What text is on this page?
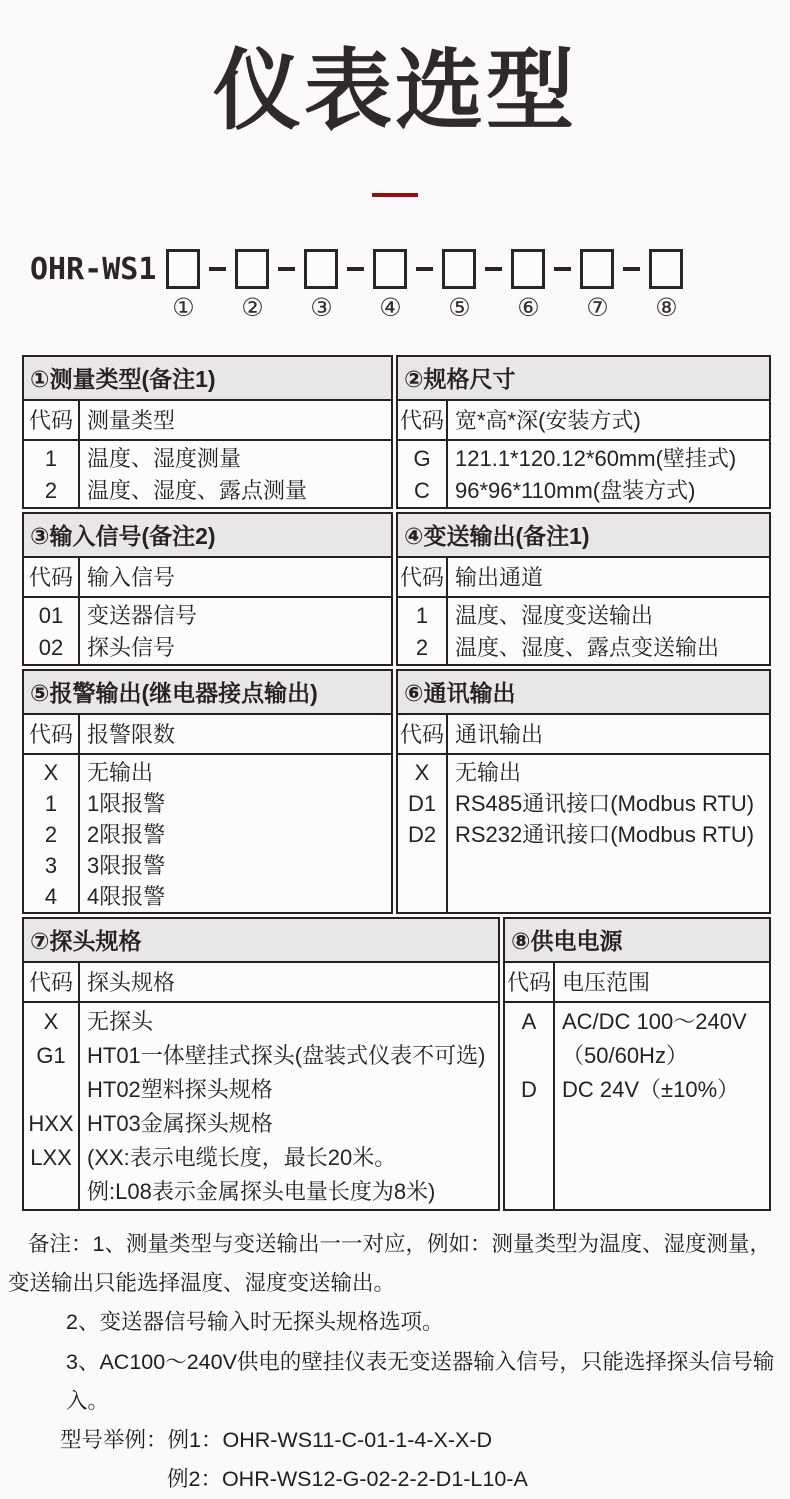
仪表选型
OHR-WS1
① ② ③ ④ ⑤ ⑥ ⑦ ⑧
①测量类型(备注1)
代码 测量类型
1
2
温度、湿度测量
温度、湿度、露点测量
②规格尺寸
代码 宽*高*深(安装方式)
G
C
121.1*120.12*60mm(壁挂式)
96*96*110mm(盘装方式)
③输入信号(备注2)
代码 输入信号
01
02
变送器信号
探头信号
④变送输出(备注1)
代码 输出通道
1
2
温度、湿度变送输出
温度、湿度、露点变送输出
⑤报警输出(继电器接点输出)
代码 报警限数
X
1
2
3
4
无输出
1限报警
2限报警
3限报警
4限报警
⑥通讯输出
代码 通讯输出
X
D1
D2
无输出
RS485通讯接口(Modbus RTU)
RS232通讯接口(Modbus RTU)
⑦探头规格
代码 探头规格
X
G1
HXX
LXX
无探头
HT01一体壁挂式探头(盘装式仪表不可选)
HT02塑料探头规格
HT03金属探头规格
(XX:表示电缆长度，最长20米。
例:L08表示金属探头电量长度为8米)
⑧供电电源
代码 电压范围
A
D
AC/DC 100～240V
（50/60Hz）
DC 24V（±10%）

备注：1、测量类型与变送输出一一对应，例如：测量类型为温度、湿度测量，变送输出只能选择温度、湿度变送输出。

2、变送器信号输入时无探头规格选项。

3、AC100～240V供电的壁挂仪表无变送器输入信号，只能选择探头信号输入。

型号举例： 例1：OHR-WS11-C-01-1-4-X-X-D
例2：OHR-WS12-G-02-2-2-D1-L10-A
